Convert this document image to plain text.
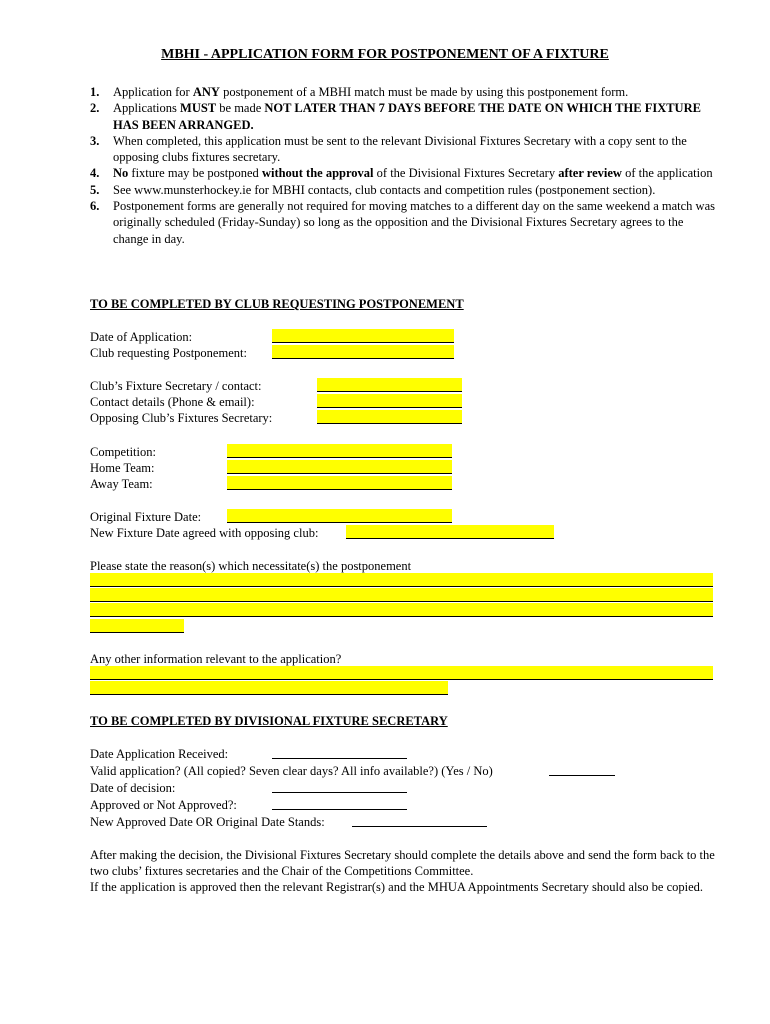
MBHI - APPLICATION FORM FOR POSTPONEMENT OF A FIXTURE
1. Application for ANY postponement of a MBHI match must be made by using this postponement form.
2. Applications MUST be made NOT LATER THAN 7 DAYS BEFORE THE DATE ON WHICH THE FIXTURE HAS BEEN ARRANGED.
3. When completed, this application must be sent to the relevant Divisional Fixtures Secretary with a copy sent to the opposing clubs fixtures secretary.
4. No fixture may be postponed without the approval of the Divisional Fixtures Secretary after review of the application
5. See www.munsterhockey.ie for MBHI contacts, club contacts and competition rules (postponement section).
6. Postponement forms are generally not required for moving matches to a different day on the same weekend a match was originally scheduled (Friday-Sunday) so long as the opposition and the Divisional Fixtures Secretary agrees to the change in day.
TO BE COMPLETED BY CLUB REQUESTING POSTPONEMENT
Date of Application:
Club requesting Postponement:
Club’s Fixture Secretary / contact:
Contact details (Phone & email):
Opposing Club’s Fixtures Secretary:
Competition:
Home Team:
Away Team:
Original Fixture Date:
New Fixture Date agreed with opposing club:
Please state the reason(s) which necessitate(s) the postponement
Any other information relevant to the application?
TO BE COMPLETED BY DIVISIONAL FIXTURE SECRETARY
Date Application Received:
Valid application? (All copied? Seven clear days? All info available?) (Yes / No)
Date of decision:
Approved or Not Approved?:
New Approved Date OR Original Date Stands:
After making the decision, the Divisional Fixtures Secretary should complete the details above and send the form back to the two clubs’ fixtures secretaries and the Chair of the Competitions Committee.
If the application is approved then the relevant Registrar(s) and the MHUA Appointments Secretary should also be copied.
